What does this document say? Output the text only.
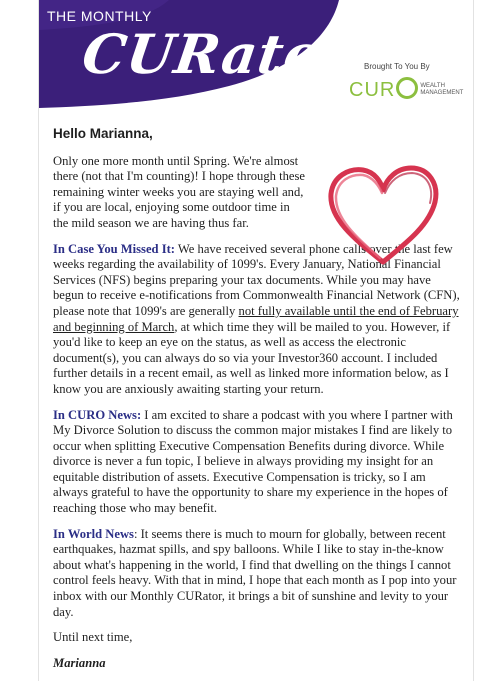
THE MONTHLY
CURator Brought To You By
CUR	WEALTH
MANAGEMENT
Hello Marianna,

Only one more month until Spring. We're almost there (not that I'm counting)! I hope through these remaining winter weeks you are staying well and, if you are local, enjoying some outdoor time in the mild season we are having thus far.

In Case You Missed It: We have received several phone calls over the last few weeks regarding the availability of 1099's. Every January, National Financial Services (NFS) begins preparing your tax documents. While you may have begun to receive e-notifications from Commonwealth Financial Network (CFN), please note that 1099's are generally not fully available until the end of February and beginning of March, at which time they will be mailed to you. However, if you'd like to keep an eye on the status, as well as access the electronic document(s), you can always do so via your Investor360 account. I included further details in a recent email, as well as linked more information below, as I know you are anxiously awaiting starting your return.

In CURO News: I am excited to share a podcast with you where I partner with My Divorce Solution to discuss the common major mistakes I find are likely to occur when splitting Executive Compensation Benefits during divorce. While divorce is never a fun topic, I believe in always providing my insight for an equitable distribution of assets. Executive Compensation is tricky, so I am always grateful to have the opportunity to share my experience in the hopes of reaching those who may benefit.

In World News: It seems there is much to mourn for globally, between recent earthquakes, hazmat spills, and spy balloons. While I like to stay in-the-know about what's happening in the world, I find that dwelling on the things I cannot control feels heavy. With that in mind, I hope that each month as I pop into your inbox with our Monthly CURator, it brings a bit of sunshine and levity to your day.

Until next time,

Marianna
